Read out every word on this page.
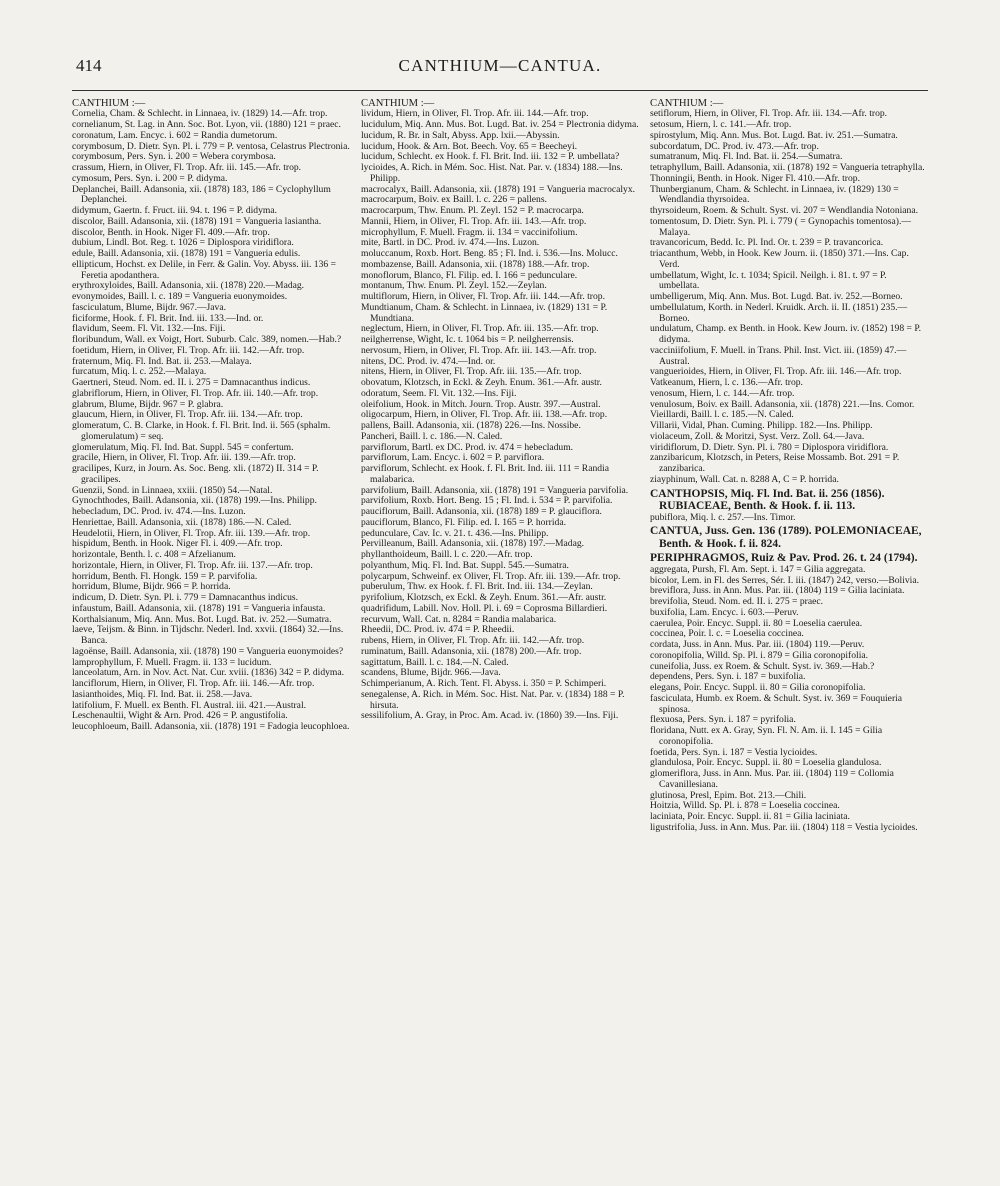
414	CANTHIUM—CANTUA.
CANTHIUM :—
Cornelia, Cham. & Schlecht. in Linnaea, iv. (1829) 14.—Afr. trop.
cornelianum, St. Lag. in Ann. Soc. Bot. Lyon, vii. (1880) 121 = praec.
coronatum, Lam. Encyc. i. 602 = Randia dumetorum.
corymbosum, D. Dietr. Syn. Pl. i. 779 = P. ventosa, Celastrus Plectronia.
corymbosum, Pers. Syn. i. 200 = Webera corymbosa.
crassum, Hiern, in Oliver, Fl. Trop. Afr. iii. 145.—Afr. trop.
cymosum, Pers. Syn. i. 200 = P. didyma.
Deplanchei, Baill. Adansonia, xii. (1878) 183, 186 = Cyclophyllum Deplanchei.
didymum, Gaertn. f. Fruct. iii. 94. t. 196 = P. didyma.
discolor, Baill. Adansonia, xii. (1878) 191 = Vangueria lasiantha.
discolor, Benth. in Hook. Niger Fl. 409.—Afr. trop.
dubium, Lindl. Bot. Reg. t. 1026 = Diplospora viridiflora.
edule, Baill. Adansonia, xii. (1878) 191 = Vangueria edulis.
ellipticum, Hochst. ex Delile, in Ferr. & Galin. Voy. Abyss. iii. 136 = Feretia apodanthera.
erythroxyloides, Baill. Adansonia, xii. (1878) 220.—Madag.
evonymoides, Baill. l. c. 189 = Vangueria euonymoides.
fasciculatum, Blume, Bijdr. 967.—Java.
ficiforme, Hook. f. Fl. Brit. Ind. iii. 133.—Ind. or.
flavidum, Seem. Fl. Vit. 132.—Ins. Fiji.
floribundum, Wall. ex Voigt, Hort. Suburb. Calc. 389, nomen.—Hab.?
foetidum, Hiern, in Oliver, Fl. Trop. Afr. iii. 142.—Afr. trop.
fraternum, Miq. Fl. Ind. Bat. ii. 253.—Malaya.
furcatum, Miq. l. c. 252.—Malaya.
Gaertneri, Steud. Nom. ed. II. i. 275 = Damnacanthus indicus.
glabriflorum, Hiern, in Oliver, Fl. Trop. Afr. iii. 140.—Afr. trop.
glabrum, Blume, Bijdr. 967 = P. glabra.
glaucum, Hiern, in Oliver, Fl. Trop. Afr. iii. 134.—Afr. trop.
glomeratum, C. B. Clarke, in Hook. f. Fl. Brit. Ind. ii. 565 (sphalm. glomerulatum) = seq.
glomerulatum, Miq. Fl. Ind. Bat. Suppl. 545 = confertum.
gracile, Hiern, in Oliver, Fl. Trop. Afr. iii. 139.—Afr. trop.
gracilipes, Kurz, in Journ. As. Soc. Beng. xli. (1872) II. 314 = P. gracilipes.
Guenzii, Sond. in Linnaea, xxiii. (1850) 54.—Natal.
Gynochthodes, Baill. Adansonia, xii. (1878) 199.—Ins. Philipp.
hebecladum, DC. Prod. iv. 474.—Ins. Luzon.
Henriettae, Baill. Adansonia, xii. (1878) 186.—N. Caled.
Heudelotii, Hiern, in Oliver, Fl. Trop. Afr. iii. 139.—Afr. trop.
hispidum, Benth. in Hook. Niger Fl. i. 409.—Afr. trop.
horizontale, Benth. l. c. 408 = Afzelianum.
horizontale, Hiern, in Oliver, Fl. Trop. Afr. iii. 137.—Afr. trop.
horridum, Benth. Fl. Hongk. 159 = P. parvifolia.
horridum, Blume, Bijdr. 966 = P. horrida.
indicum, D. Dietr. Syn. Pl. i. 779 = Damnacanthus indicus.
infaustum, Baill. Adansonia, xii. (1878) 191 = Vangueria infausta.
Korthalsianum, Miq. Ann. Mus. Bot. Lugd. Bat. iv. 252.—Sumatra.
laeve, Teijsm. & Binn. in Tijdschr. Nederl. Ind. xxvii. (1864) 32.—Ins. Banca.
lagoënse, Baill. Adansonia, xii. (1878) 190 = Vangueria euonymoides?
lamprophyllum, F. Muell. Fragm. ii. 133 = lucidum.
lanceolatum, Arn. in Nov. Act. Nat. Cur. xviii. (1836) 342 = P. didyma.
lanciflorum, Hiern, in Oliver, Fl. Trop. Afr. iii. 146.—Afr. trop.
lasianthoides, Miq. Fl. Ind. Bat. ii. 258.—Java.
latifolium, F. Muell. ex Benth. Fl. Austral. iii. 421.—Austral.
Leschenaultii, Wight & Arn. Prod. 426 = P. angustifolia.
leucophloeum, Baill. Adansonia, xii. (1878) 191 = Fadogia leucophloea.
CANTHIUM :—
lividum, Hiern, in Oliver, Fl. Trop. Afr. iii. 144.—Afr. trop.
lucidulum, Miq. Ann. Mus. Bot. Lugd. Bat. iv. 254 = Plectronia didyma.
lucidum, R. Br. in Salt, Abyss. App. lxii.—Abyssin.
lucidum, Hook. & Arn. Bot. Beech. Voy. 65 = Beecheyi.
lucidum, Schlecht. ex Hook. f. Fl. Brit. Ind. iii. 132 = P. umbellata?
lycioides, A. Rich. in Mém. Soc. Hist. Nat. Par. v. (1834) 188.—Ins. Philipp.
macrocalyx, Baill. Adansonia, xii. (1878) 191 = Vangueria macrocalyx.
macrocarpum, Boiv. ex Baill. l. c. 226 = pallens.
macrocarpum, Thw. Enum. Pl. Zeyl. 152 = P. macrocarpa.
Mannii, Hiern, in Oliver, Fl. Trop. Afr. iii. 143.—Afr. trop.
microphyllum, F. Muell. Fragm. ii. 134 = vaccinifolium.
mite, Bartl. in DC. Prod. iv. 474.—Ins. Luzon.
moluccanum, Roxb. Hort. Beng. 85 ; Fl. Ind. i. 536.—Ins. Molucc.
mombazense, Baill. Adansonia, xii. (1878) 188.—Afr. trop.
monoflorum, Blanco, Fl. Filip. ed. I. 166 = pedunculare.
montanum, Thw. Enum. Pl. Zeyl. 152.—Zeylan.
multiflorum, Hiern, in Oliver, Fl. Trop. Afr. iii. 144.—Afr. trop.
Mundtianum, Cham. & Schlecht. in Linnaea, iv. (1829) 131 = P. Mundtiana.
neglectum, Hiern, in Oliver, Fl. Trop. Afr. iii. 135.—Afr. trop.
neilgherrense, Wight, Ic. t. 1064 bis = P. neilgherrensis.
nervosum, Hiern, in Oliver, Fl. Trop. Afr. iii. 143.—Afr. trop.
nitens, DC. Prod. iv. 474.—Ind. or.
nitens, Hiern, in Oliver, Fl. Trop. Afr. iii. 135.—Afr. trop.
obovatum, Klotzsch, in Eckl. & Zeyh. Enum. 361.—Afr. austr.
odoratum, Seem. Fl. Vit. 132.—Ins. Fiji.
oleifolium, Hook. in Mitch. Journ. Trop. Austr. 397.—Austral.
oligocarpum, Hiern, in Oliver, Fl. Trop. Afr. iii. 138.—Afr. trop.
pallens, Baill. Adansonia, xii. (1878) 226.—Ins. Nossibe.
Pancheri, Baill. l. c. 186.—N. Caled.
parviflorum, Bartl. ex DC. Prod. iv. 474 = hebecladum.
parviflorum, Lam. Encyc. i. 602 = P. parviflora.
parviflorum, Schlecht. ex Hook. f. Fl. Brit. Ind. iii. 111 = Randia malabarica.
parvifolium, Baill. Adansonia, xii. (1878) 191 = Vangueria parvifolia.
parvifolium, Roxb. Hort. Beng. 15 ; Fl. Ind. i. 534 = P. parvifolia.
pauciflorum, Baill. Adansonia, xii. (1878) 189 = P. glauciflora.
pauciflorum, Blanco, Fl. Filip. ed. I. 165 = P. horrida.
pedunculare, Cav. Ic. v. 21. t. 436.—Ins. Philipp.
Pervilleanum, Baill. Adansonia, xii. (1878) 197.—Madag.
phyllanthoideum, Baill. l. c. 220.—Afr. trop.
polyanthum, Miq. Fl. Ind. Bat. Suppl. 545.—Sumatra.
polycarpum, Schweinf. ex Oliver, Fl. Trop. Afr. iii. 139.—Afr. trop.
puberulum, Thw. ex Hook. f. Fl. Brit. Ind. iii. 134.—Zeylan.
pyrifolium, Klotzsch, ex Eckl. & Zeyh. Enum. 361.—Afr. austr.
quadrifidum, Labill. Nov. Holl. Pl. i. 69 = Coprosma Billardieri.
recurvum, Wall. Cat. n. 8284 = Randia malabarica.
Rheedii, DC. Prod. iv. 474 = P. Rheedii.
rubens, Hiern, in Oliver, Fl. Trop. Afr. iii. 142.—Afr. trop.
ruminatum, Baill. Adansonia, xii. (1878) 200.—Afr. trop.
sagittatum, Baill. l. c. 184.—N. Caled.
scandens, Blume, Bijdr. 966.—Java.
Schimperianum, A. Rich. Tent. Fl. Abyss. i. 350 = P. Schimperi.
senegalense, A. Rich. in Mém. Soc. Hist. Nat. Par. v. (1834) 188 = P. hirsuta.
sessilifolium, A. Gray, in Proc. Am. Acad. iv. (1860) 39.—Ins. Fiji.
CANTHIUM :—
setiflorum, Hiern, in Oliver, Fl. Trop. Afr. iii. 134.—Afr. trop.
setosum, Hiern, l. c. 141.—Afr. trop.
spirostylum, Miq. Ann. Mus. Bot. Lugd. Bat. iv. 251.—Sumatra.
subcordatum, DC. Prod. iv. 473.—Afr. trop.
sumatranum, Miq. Fl. Ind. Bat. ii. 254.—Sumatra.
tetraphyllum, Baill. Adansonia, xii. (1878) 192 = Vangueria tetraphylla.
Thonningii, Benth. in Hook. Niger Fl. 410.—Afr. trop.
Thunbergianum, Cham. & Schlecht. in Linnaea, iv. (1829) 130 = Wendlandia thyrsoidea.
thyrsoideum, Roem. & Schult. Syst. vi. 207 = Wendlandia Notoniana.
tomentosum, D. Dietr. Syn. Pl. i. 779 ( = Gynopachis tomentosa).—Malaya.
travancoricum, Bedd. Ic. Pl. Ind. Or. t. 239 = P. travancorica.
triacanthum, Webb, in Hook. Kew Journ. ii. (1850) 371.—Ins. Cap. Verd.
umbellatum, Wight, Ic. t. 1034; Spicil. Neilgh. i. 81. t. 97 = P. umbellata.
umbelligerum, Miq. Ann. Mus. Bot. Lugd. Bat. iv. 252.—Borneo.
umbellulatum, Korth. in Nederl. Kruidk. Arch. ii. II. (1851) 235.—Borneo.
undulatum, Champ. ex Benth. in Hook. Kew Journ. iv. (1852) 198 = P. didyma.
vacciniifolium, F. Muell. in Trans. Phil. Inst. Vict. iii. (1859) 47.—Austral.
vanguerioides, Hiern, in Oliver, Fl. Trop. Afr. iii. 146.—Afr. trop.
Vatkeanum, Hiern, l. c. 136.—Afr. trop.
venosum, Hiern, l. c. 144.—Afr. trop.
venulosum, Boiv. ex Baill. Adansonia, xii. (1878) 221.—Ins. Comor.
Vieillardi, Baill. l. c. 185.—N. Caled.
Villarii, Vidal, Phan. Cuming. Philipp. 182.—Ins. Philipp.
violaceum, Zoll. & Moritzi, Syst. Verz. Zoll. 64.—Java.
viridiflorum, D. Dietr. Syn. Pl. i. 780 = Diplospora viridiflora.
zanzibaricum, Klotzsch, in Peters, Reise Mossamb. Bot. 291 = P. zanzibarica.
ziayphinum, Wall. Cat. n. 8288 A, C = P. horrida.
CANTHOPSIS, Miq. Fl. Ind. Bat. ii. 256 (1856). RUBIACEAE, Benth. & Hook. f. ii. 113.
pubiflora, Miq. l. c. 257.—Ins. Timor.
CANTUA, Juss. Gen. 136 (1789). POLEMONIACEAE, Benth. & Hook. f. ii. 824.
PERIPHRAGMOS, Ruiz & Pav. Prod. 26. t. 24 (1794).
aggregata, Pursh, Fl. Am. Sept. i. 147 = Gilia aggregata.
bicolor, Lem. in Fl. des Serres, Sér. I. iii. (1847) 242, verso.—Bolivia.
breviflora, Juss. in Ann. Mus. Par. iii. (1804) 119 = Gilia laciniata.
brevifolia, Steud. Nom. ed. II. i. 275 = praec.
buxifolia, Lam. Encyc. i. 603.—Peruv.
caerulea, Poir. Encyc. Suppl. ii. 80 = Loeselia caerulea.
coccinea, Poir. l. c. = Loeselia coccinea.
cordata, Juss. in Ann. Mus. Par. iii. (1804) 119.—Peruv.
coronopifolia, Willd. Sp. Pl. i. 879 = Gilia coronopifolia.
cuneifolia, Juss. ex Roem. & Schult. Syst. iv. 369.—Hab.?
dependens, Pers. Syn. i. 187 = buxifolia.
elegans, Poir. Encyc. Suppl. ii. 80 = Gilia coronopifolia.
fasciculata, Humb. ex Roem. & Schult. Syst. iv. 369 = Fouquieria spinosa.
flexuosa, Pers. Syn. i. 187 = pyrifolia.
floridana, Nutt. ex A. Gray, Syn. Fl. N. Am. ii. I. 145 = Gilia coronopifolia.
foetida, Pers. Syn. i. 187 = Vestia lycioides.
glandulosa, Poir. Encyc. Suppl. ii. 80 = Loeselia glandulosa.
glomeriflora, Juss. in Ann. Mus. Par. iii. (1804) 119 = Collomia Cavanillesiana.
glutinosa, Presl, Epim. Bot. 213.—Chili.
Hoitzia, Willd. Sp. Pl. i. 878 = Loeselia coccinea.
laciniata, Poir. Encyc. Suppl. ii. 81 = Gilia laciniata.
ligustrifolia, Juss. in Ann. Mus. Par. iii. (1804) 118 = Vestia lycioides.
